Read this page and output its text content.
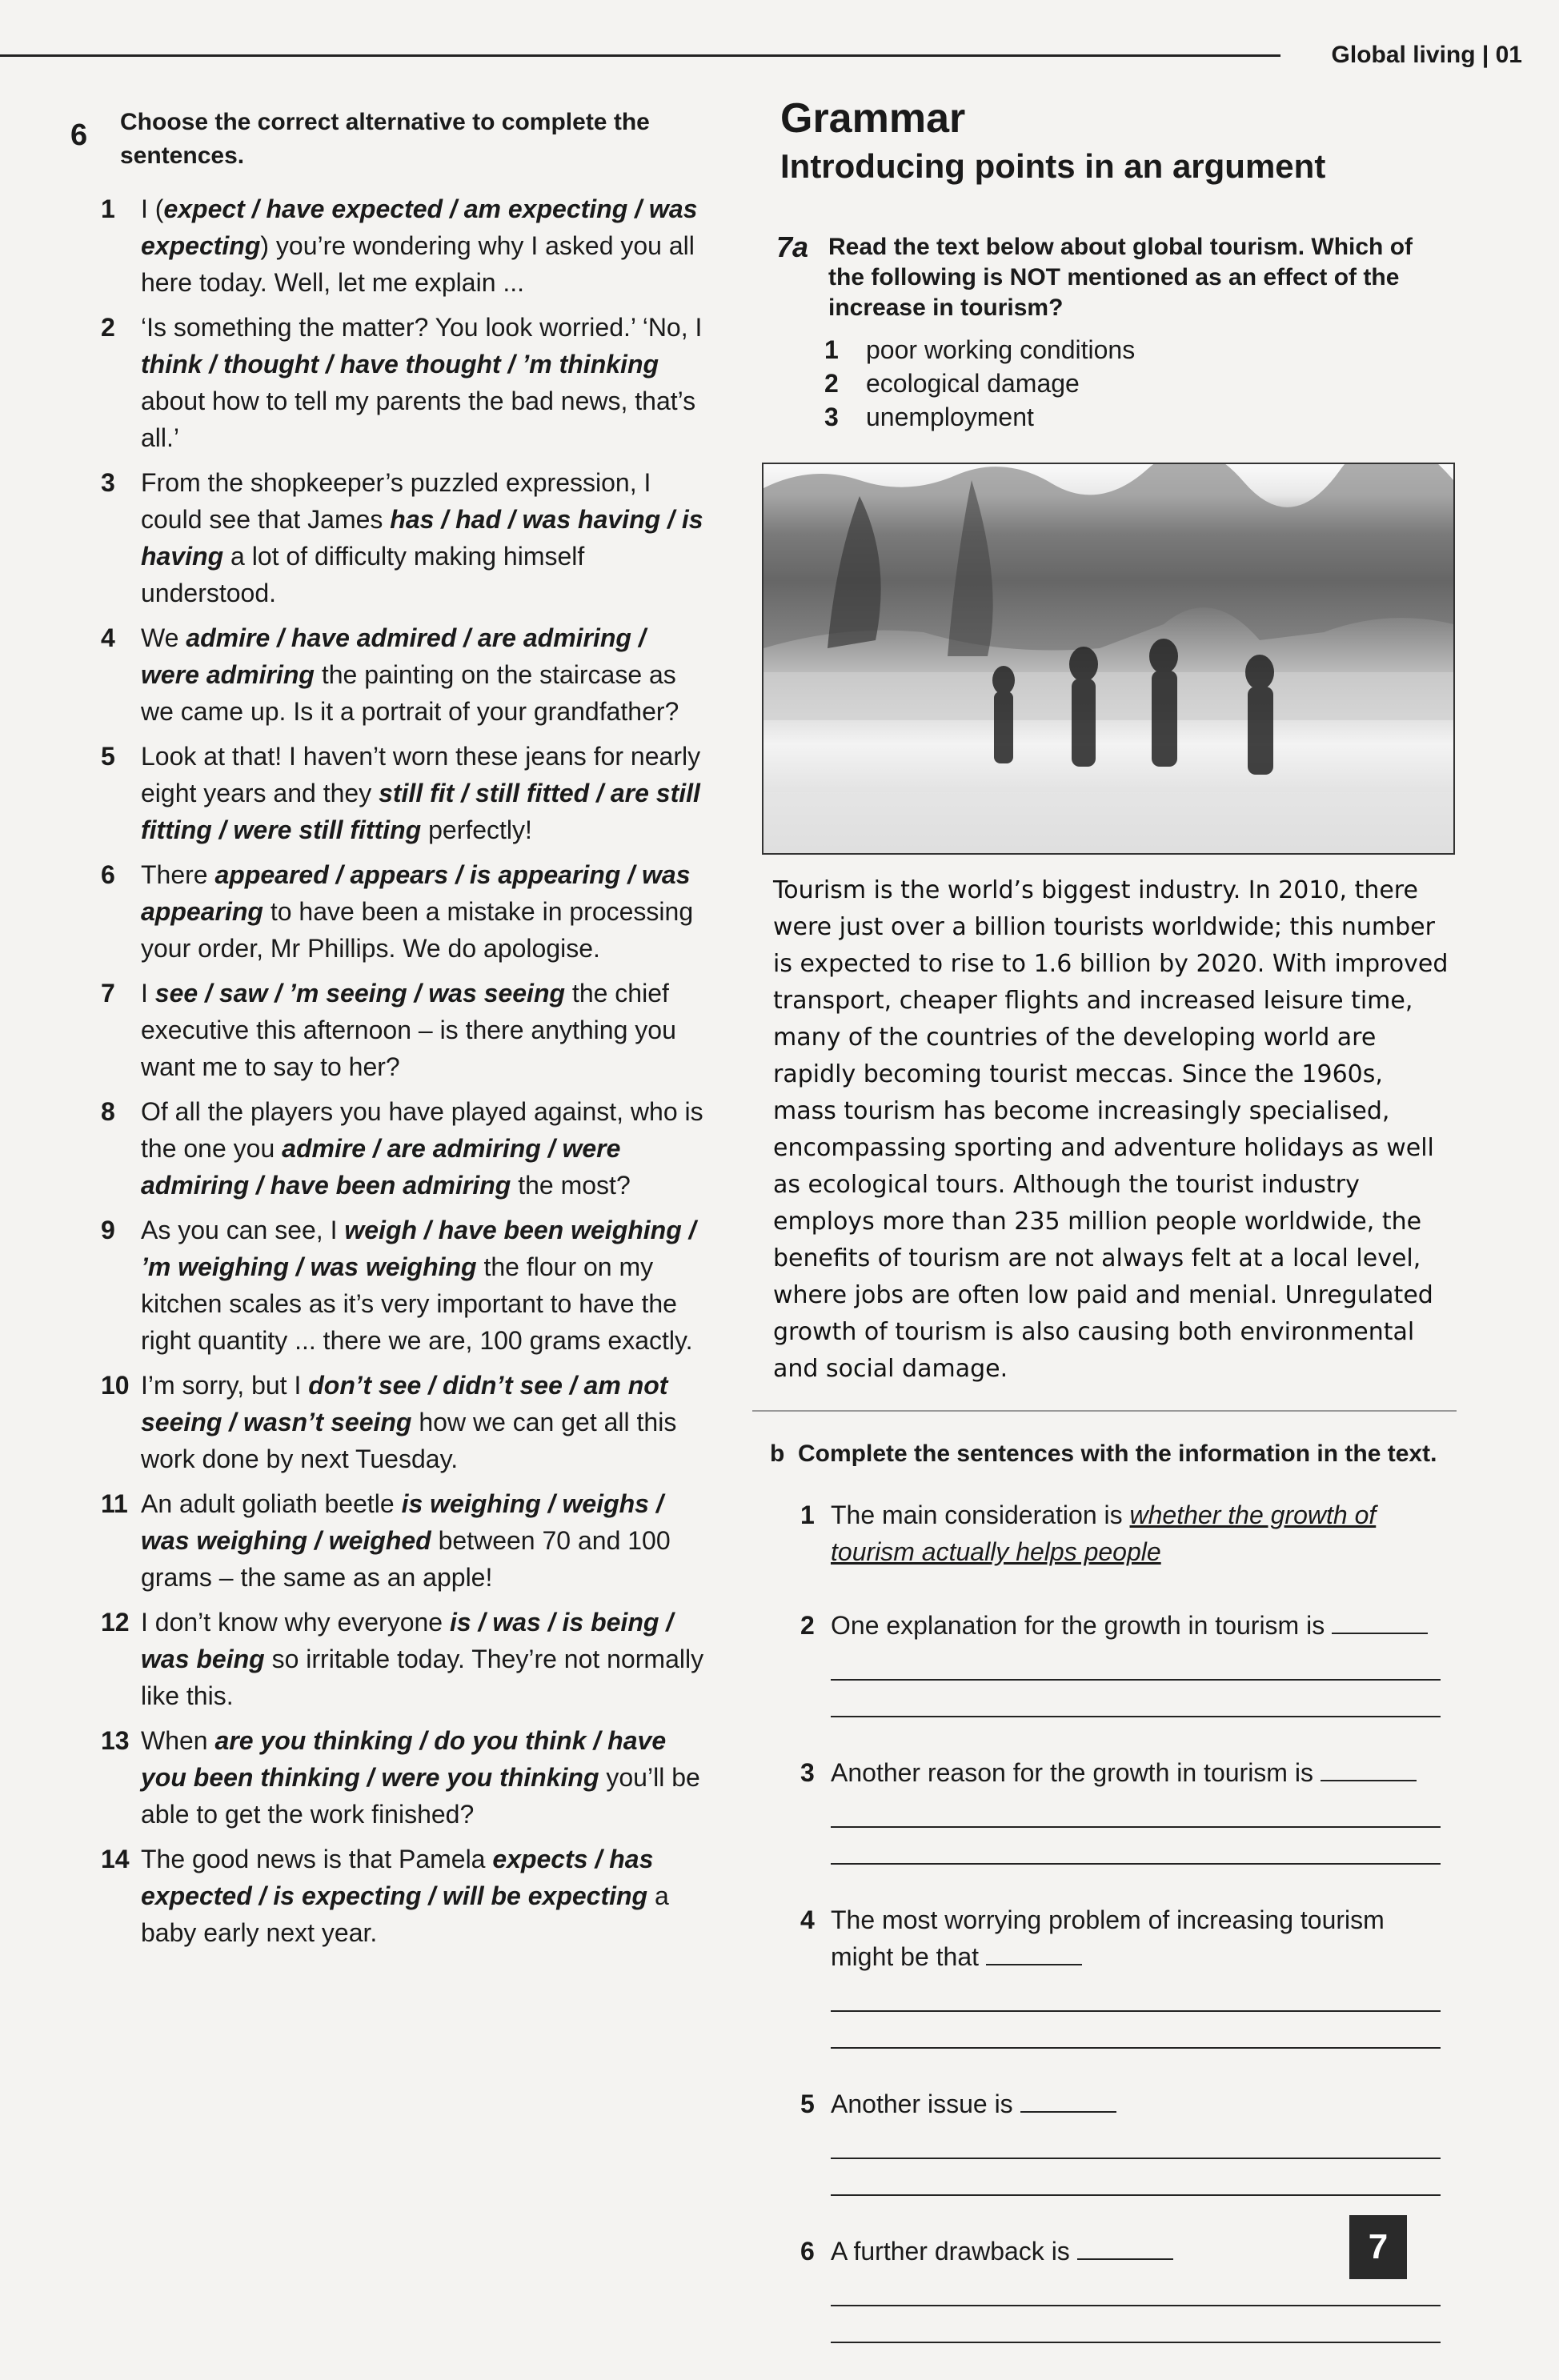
Global living | 01
6 Choose the correct alternative to complete the sentences.
1	I (expect / have expected / am expecting / was expecting) you’re wondering why I asked you all here today. Well, let me explain ...
2	‘Is something the matter? You look worried.’ ‘No, I think / thought / have thought / ’m thinking about how to tell my parents the bad news, that’s all.’
3	From the shopkeeper’s puzzled expression, I could see that James has / had / was having / is having a lot of difficulty making himself understood.
4	We admire / have admired / are admiring / were admiring the painting on the staircase as we came up. Is it a portrait of your grandfather?
5	Look at that! I haven’t worn these jeans for nearly eight years and they still fit / still fitted / are still fitting / were still fitting perfectly!
6	There appeared / appears / is appearing / was appearing to have been a mistake in processing your order, Mr Phillips. We do apologise.
7	I see / saw / ’m seeing / was seeing the chief executive this afternoon – is there anything you want me to say to her?
8	Of all the players you have played against, who is the one you admire / are admiring / were admiring / have been admiring the most?
9	As you can see, I weigh / have been weighing / ’m weighing / was weighing the flour on my kitchen scales as it’s very important to have the right quantity ... there we are, 100 grams exactly.
10 I’m sorry, but I don’t see / didn’t see / am not seeing / wasn’t seeing how we can get all this work done by next Tuesday.
11 An adult goliath beetle is weighing / weighs / was weighing / weighed between 70 and 100 grams – the same as an apple!
12 I don’t know why everyone is / was / is being / was being so irritable today. They’re not normally like this.
13 When are you thinking / do you think / have you been thinking / were you thinking you’ll be able to get the work finished?
14 The good news is that Pamela expects / has expected / is expecting / will be expecting a baby early next year.
Grammar
Introducing points in an argument
7a Read the text below about global tourism. Which of the following is NOT mentioned as an effect of the increase in tourism?
1 poor working conditions
2 ecological damage
3 unemployment
Tourism is the world’s biggest industry. In 2010, there were just over a billion tourists worldwide; this number is expected to rise to 1.6 billion by 2020. With improved transport, cheaper flights and increased leisure time, many of the countries of the developing world are rapidly becoming tourist meccas. Since the 1960s, mass tourism has become increasingly specialised, encompassing sporting and adventure holidays as well as ecological tours. Although the tourist industry employs more than 235 million people worldwide, the benefits of tourism are not always felt at a local level, where jobs are often low paid and menial. Unregulated growth of tourism is also causing both environmental and social damage.
b Complete the sentences with the information in the text.
1 The main consideration is whether the growth of tourism actually helps people
2 One explanation for the growth in tourism is
3 Another reason for the growth in tourism is
4 The most worrying problem of increasing tourism might be that
5 Another issue is
6 A further drawback is	7
